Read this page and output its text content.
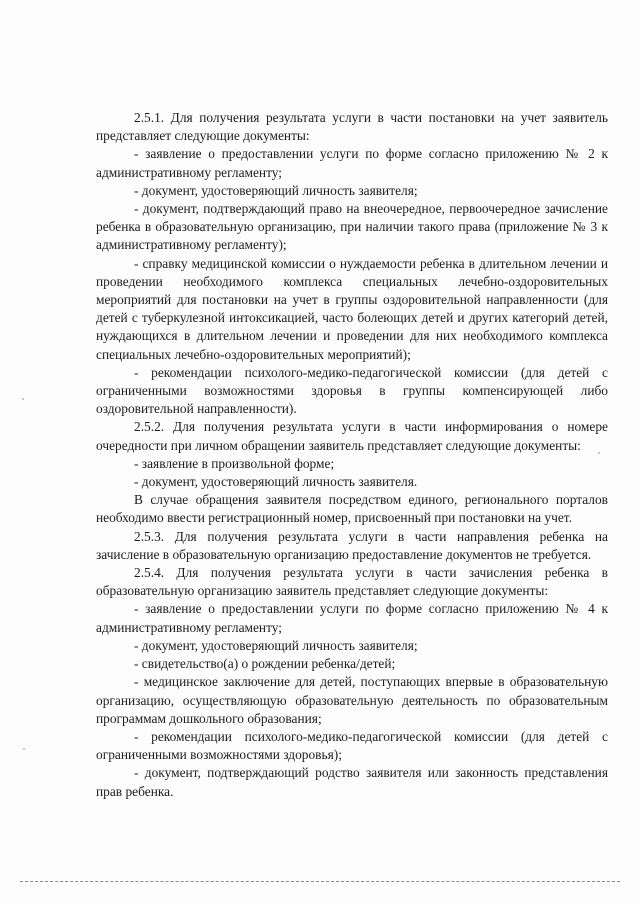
2.5.1. Для получения результата услуги в части постановки на учет заявитель представляет следующие документы:

- заявление о предоставлении услуги по форме согласно приложению № 2 к административному регламенту;

- документ, удостоверяющий личность заявителя;

- документ, подтверждающий право на внеочередное, первоочередное зачисление ребенка в образовательную организацию, при наличии такого права (приложение № 3 к административному регламенту);

- справку медицинской комиссии о нуждаемости ребенка в длительном лечении и проведении необходимого комплекса специальных лечебно-оздоровительных мероприятий для постановки на учет в группы оздоровительной направленности (для детей с туберкулезной интоксикацией, часто болеющих детей и других категорий детей, нуждающихся в длительном лечении и проведении для них необходимого комплекса специальных лечебно-оздоровительных мероприятий);

- рекомендации психолого-медико-педагогической комиссии (для детей с ограниченными возможностями здоровья в группы компенсирующей либо оздоровительной направленности).

2.5.2. Для получения результата услуги в части информирования о номере очередности при личном обращении заявитель представляет следующие документы:

- заявление в произвольной форме;

- документ, удостоверяющий личность заявителя.

В случае обращения заявителя посредством единого, регионального порталов необходимо ввести регистрационный номер, присвоенный при постановки на учет.

2.5.3. Для получения результата услуги в части направления ребенка на зачисление в образовательную организацию предоставление документов не требуется.

2.5.4. Для получения результата услуги в части зачисления ребенка в образовательную организацию заявитель представляет следующие документы:

- заявление о предоставлении услуги по форме согласно приложению № 4 к административному регламенту;

- документ, удостоверяющий личность заявителя;

- свидетельство(а) о рождении ребенка/детей;

- медицинское заключение для детей, поступающих впервые в образовательную организацию, осуществляющую образовательную деятельность по образовательным программам дошкольного образования;

- рекомендации психолого-медико-педагогической комиссии (для детей с ограниченными возможностями здоровья);

- документ, подтверждающий родство заявителя или законность представления прав ребенка.
